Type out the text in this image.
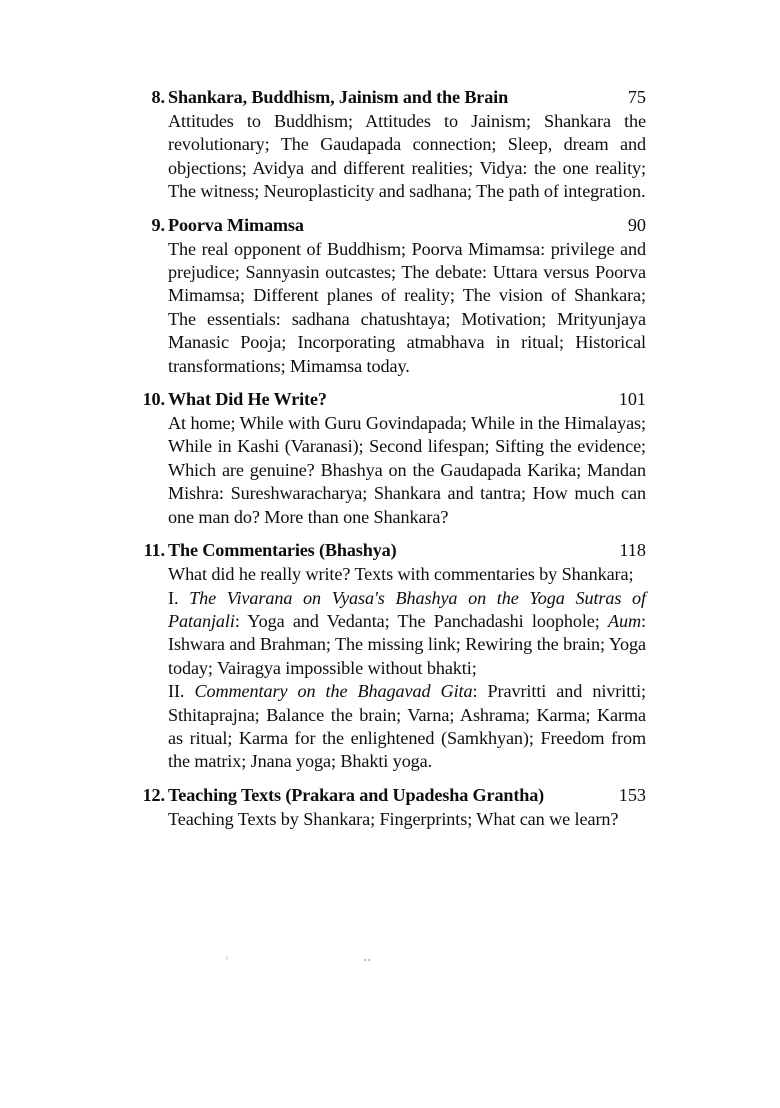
8. Shankara, Buddhism, Jainism and the Brain	75

Attitudes to Buddhism; Attitudes to Jainism; Shankara the revolutionary; The Gaudapada connection; Sleep, dream and objections; Avidya and different realities; Vidya: the one reality; The witness; Neuroplasticity and sadhana; The path of integration.

9. Poorva Mimamsa	90

The real opponent of Buddhism; Poorva Mimamsa: privilege and prejudice; Sannyasin outcastes; The debate: Uttara versus Poorva Mimamsa; Different planes of reality; The vision of Shankara; The essentials: sadhana chatushtaya; Motivation; Mrityunjaya Manasic Pooja; Incorporating atmabhava in ritual; Historical transformations; Mimamsa today.

10. What Did He Write?	101

At home; While with Guru Govindapada; While in the Himalayas; While in Kashi (Varanasi); Second lifespan; Sifting the evidence; Which are genuine? Bhashya on the Gaudapada Karika; Mandan Mishra: Sureshwaracharya; Shankara and tantra; How much can one man do? More than one Shankara?

11. The Commentaries (Bhashya)	118

What did he really write? Texts with commentaries by Shankara;

I. The Vivarana on Vyasa's Bhashya on the Yoga Sutras of Patanjali: Yoga and Vedanta; The Panchadashi loophole; Aum: Ishwara and Brahman; The missing link; Rewiring the brain; Yoga today; Vairagya impossible without bhakti;

II. Commentary on the Bhagavad Gita: Pravritti and nivritti; Sthitaprajna; Balance the brain; Varna; Ashrama; Karma; Karma as ritual; Karma for the enlightened (Samkhyan); Freedom from the matrix; Jnana yoga; Bhakti yoga.

12. Teaching Texts (Prakara and Upadesha Grantha)	153

Teaching Texts by Shankara; Fingerprints; What can we learn?
